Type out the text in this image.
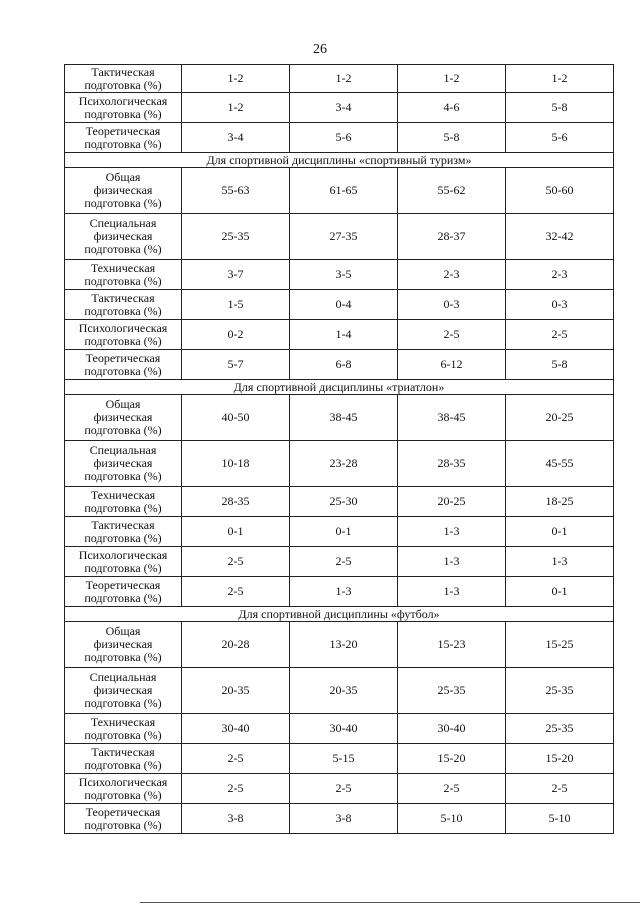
26
Тактическая
подготовка (%)	1-2	1-2	1-2	1-2
Психологическая
подготовка (%)	1-2	3-4	4-6	5-8
Теоретическая
подготовка (%)	3-4	5-6	5-8	5-6
Для спортивной дисциплины «спортивный туризм»				
Общая
физическая
подготовка (%)	55-63	61-65	55-62	50-60
Специальная
физическая
подготовка (%)	25-35	27-35	28-37	32-42
Техническая
подготовка (%)	3-7	3-5	2-3	2-3
Тактическая
подготовка (%)	1-5	0-4	0-3	0-3
Психологическая
подготовка (%)	0-2	1-4	2-5	2-5
Теоретическая
подготовка (%)	5-7	6-8	6-12	5-8
Для спортивной дисциплины «триатлон»				
Общая
физическая
подготовка (%)	40-50	38-45	38-45	20-25
Специальная
физическая
подготовка (%)	10-18	23-28	28-35	45-55
Техническая
подготовка (%)	28-35	25-30	20-25	18-25
Тактическая
подготовка (%)	0-1	0-1	1-3	0-1
Психологическая
подготовка (%)	2-5	2-5	1-3	1-3
Теоретическая
подготовка (%)	2-5	1-3	1-3	0-1
Для спортивной дисциплины «футбол»				
Общая
физическая
подготовка (%)	20-28	13-20	15-23	15-25
Специальная
физическая
подготовка (%)	20-35	20-35	25-35	25-35
Техническая
подготовка (%)	30-40	30-40	30-40	25-35
Тактическая
подготовка (%)	2-5	5-15	15-20	15-20
Психологическая
подготовка (%)	2-5	2-5	2-5	2-5
Теоретическая
подготовка (%)	3-8	3-8	5-10	5-10
